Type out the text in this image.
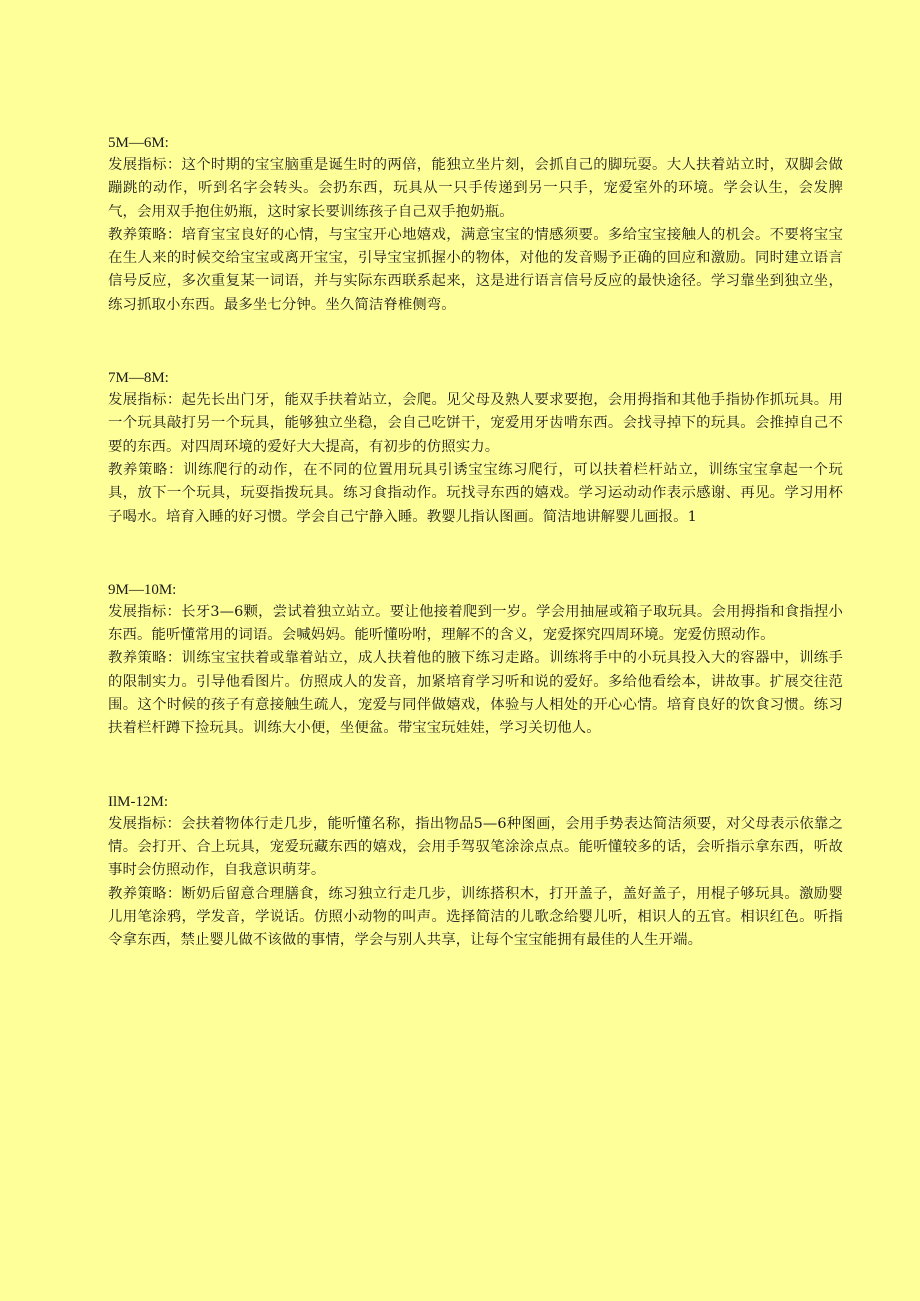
5M—6M:

发展指标：这个时期的宝宝脑重是诞生时的两倍，能独立坐片刻，会抓自己的脚玩耍。大人扶着站立时，双脚会做蹦跳的动作，听到名字会转头。会扔东西，玩具从一只手传递到另一只手，宠爱室外的环境。学会认生，会发脾气，会用双手抱住奶瓶，这时家长要训练孩子自己双手抱奶瓶。

教养策略：培育宝宝良好的心情，与宝宝开心地嬉戏，满意宝宝的情感须要。多给宝宝接触人的机会。不要将宝宝在生人来的时候交给宝宝或离开宝宝，引导宝宝抓握小的物体，对他的发音赐予正确的回应和激励。同时建立语言信号反应，多次重复某一词语，并与实际东西联系起来，这是进行语言信号反应的最快途径。学习靠坐到独立坐，练习抓取小东西。最多坐七分钟。坐久简洁脊椎侧弯。

7M—8M:

发展指标：起先长出门牙，能双手扶着站立，会爬。见父母及熟人要求要抱，会用拇指和其他手指协作抓玩具。用一个玩具敲打另一个玩具，能够独立坐稳，会自己吃饼干，宠爱用牙齿啃东西。会找寻掉下的玩具。会推掉自己不要的东西。对四周环境的爱好大大提高，有初步的仿照实力。

教养策略：训练爬行的动作，在不同的位置用玩具引诱宝宝练习爬行，可以扶着栏杆站立，训练宝宝拿起一个玩具，放下一个玩具，玩耍指拨玩具。练习食指动作。玩找寻东西的嬉戏。学习运动动作表示感谢、再见。学习用杯子喝水。培育入睡的好习惯。学会自己宁静入睡。教婴儿指认图画。简洁地讲解婴儿画报。1

9M—10M:

发展指标：长牙3—6颗，尝试着独立站立。要让他接着爬到一岁。学会用抽屉或箱子取玩具。会用拇指和食指捏小东西。能听懂常用的词语。会喊妈妈。能听懂吩咐，理解不的含义，宠爱探究四周环境。宠爱仿照动作。

教养策略：训练宝宝扶着或靠着站立，成人扶着他的腋下练习走路。训练将手中的小玩具投入大的容器中，训练手的限制实力。引导他看图片。仿照成人的发音，加紧培育学习听和说的爱好。多给他看绘本，讲故事。扩展交往范围。这个时候的孩子有意接触生疏人，宠爱与同伴做嬉戏，体验与人相处的开心心情。培育良好的饮食习惯。练习扶着栏杆蹲下捡玩具。训练大小便，坐便盆。带宝宝玩娃娃，学习关切他人。

IlM-12M:

发展指标：会扶着物体行走几步，能听懂名称，指出物品5—6种图画，会用手势表达简洁须要，对父母表示依靠之情。会打开、合上玩具，宠爱玩藏东西的嬉戏，会用手驾驭笔涂涂点点。能听懂较多的话，会听指示拿东西，听故事时会仿照动作，自我意识萌芽。

教养策略：断奶后留意合理膳食，练习独立行走几步，训练搭积木，打开盖子，盖好盖子，用棍子够玩具。激励婴儿用笔涂鸦，学发音，学说话。仿照小动物的叫声。选择简洁的儿歌念给婴儿听，相识人的五官。相识红色。听指令拿东西，禁止婴儿做不该做的事情，学会与别人共享，让每个宝宝能拥有最佳的人生开端。
